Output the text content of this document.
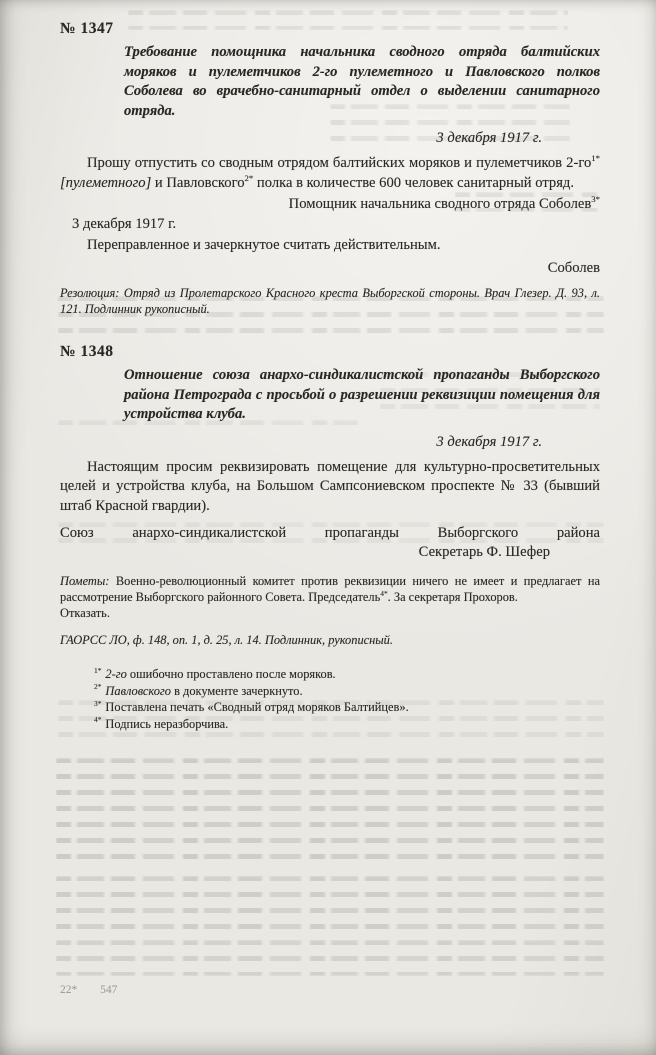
№ 1347
Требование помощника начальника сводного отряда балтийских моряков и пулеметчиков 2-го пулеметного и Павловского полков Соболева во врачебно-санитарный отдел о выделении санитарного отряда.
3 декабря 1917 г.

Прошу отпустить со сводным отрядом балтийских моряков и пулеметчиков $2-го^{1*}$ [пулеметного] и Павловского$^{2*}$ полка в количестве 600 человек санитарный отряд.

Помощник начальника сводного отряда Соболев$^{3*}$
3 декабря 1917 г.
Переправленное и зачеркнутое считать действительным.
Соболев
Резолюция: Отряд из Пролетарского Красного креста Выборгской стороны. Врач Глезер. Д. 93, л. 121. Подлинник рукописный.
№ 1348
Отношение союза анархо-синдикалистской пропаганды Выборгского района Петрограда с просьбой о разрешении реквизиции помещения для устройства клуба.
3 декабря 1917 г.

Настоящим просим реквизировать помещение для культурно-просветительных целей и устройства клуба, на Большом Сампсониевском проспекте № 33 (бывший штаб Красной гвардии).

Союз анархо-синдикалистской пропаганды Выборгского района
Секретарь Ф. Шефер
Пометы: Военно-революционный комитет против реквизиции ничего не имеет и предлагает на рассмотрение Выборгского районного Совета. Председатель$^{4*}$. За секретаря Прохоров.
Отказать.
ГАОРСС ЛО, ф. 148, оп. 1, д. 25, л. 14. Подлинник, рукописный.
$^{1*}$ 2-го ошибочно проставлено после моряков.
$^{2*}$ Павловского в документе зачеркнуто.
$^{3*}$ Поставлена печать «Сводный отряд моряков Балтийцев».
$^{4*}$ Подпись неразборчива.
22* 547
